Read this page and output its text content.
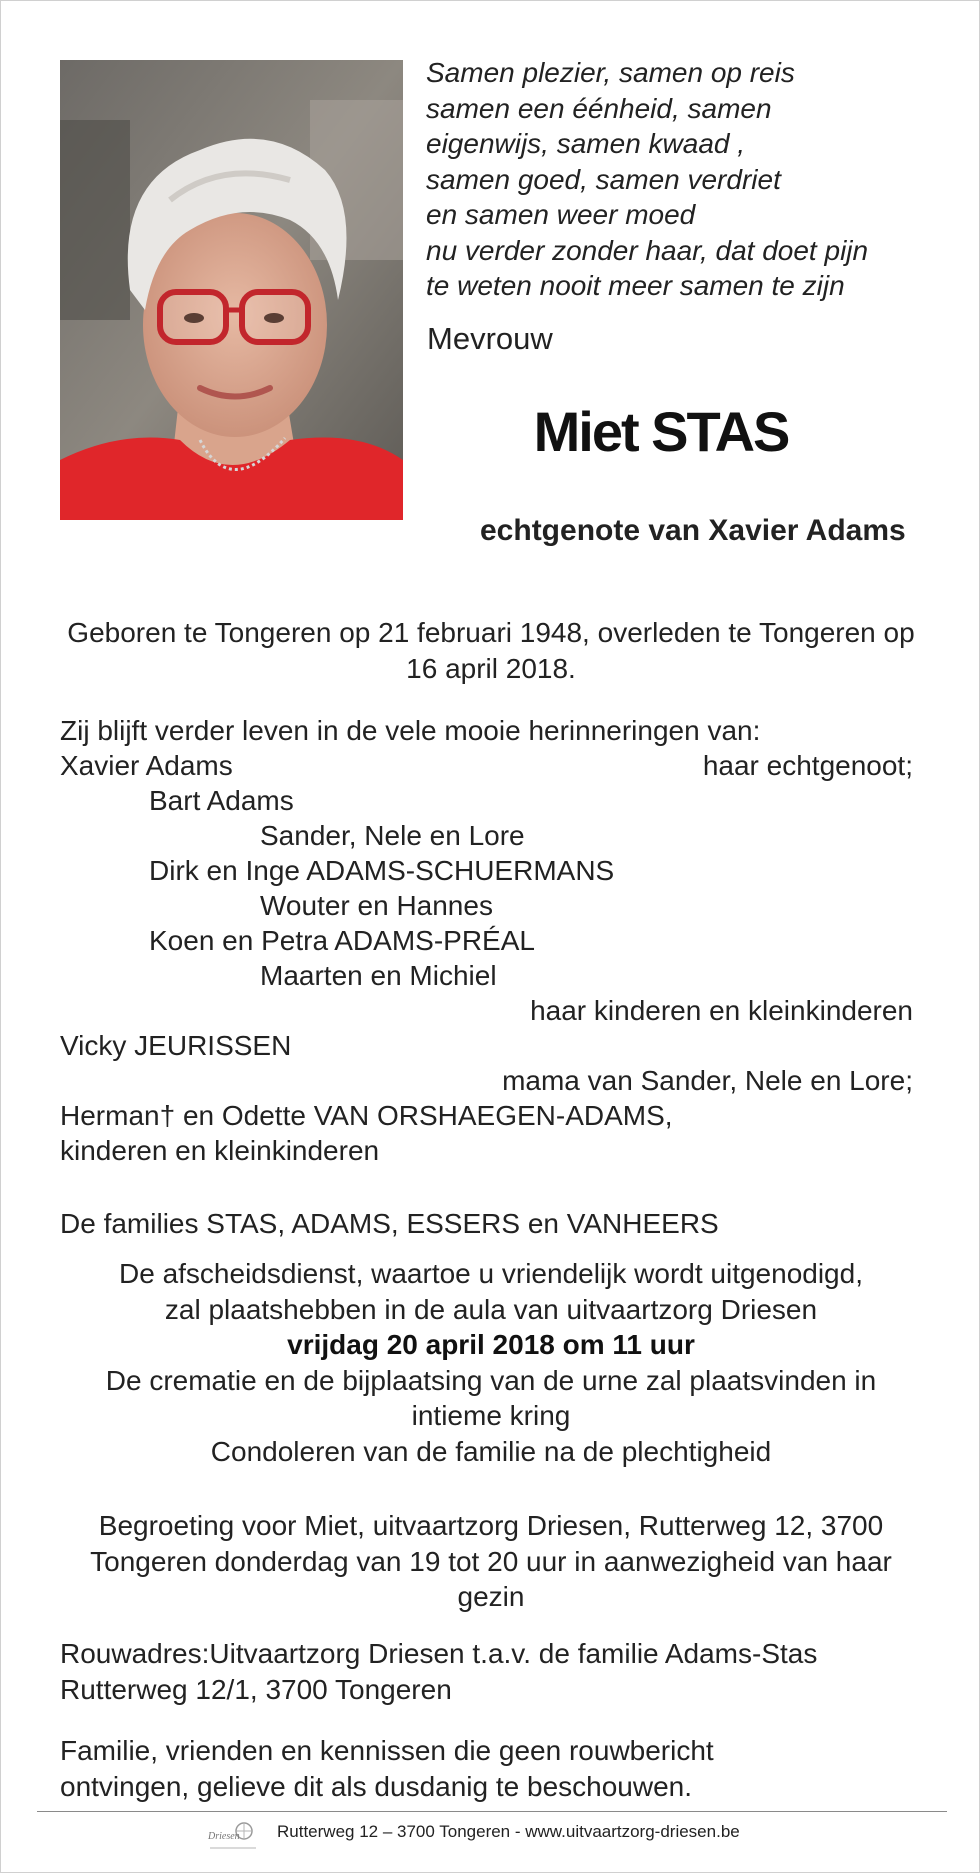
Samen plezier, samen op reis
samen een éénheid, samen
eigenwijs, samen kwaad ,
samen goed, samen verdriet
en samen weer moed
nu verder zonder haar, dat doet pijn
te weten nooit meer samen te zijn
Mevrouw
Miet STAS
echtgenote van Xavier Adams
Geboren te Tongeren op 21 februari 1948, overleden te Tongeren op 16 april 2018.
Zij blijft verder leven in de vele mooie herinneringen van:
Xavier Adams	haar echtgenoot;
Bart Adams
Sander, Nele en Lore
Dirk en Inge ADAMS-SCHUERMANS
Wouter en Hannes
Koen en Petra ADAMS-PRÉAL
Maarten en Michiel
haar kinderen en kleinkinderen
Vicky JEURISSEN
mama van Sander, Nele en Lore;
Herman† en Odette VAN ORSHAEGEN-ADAMS,
kinderen en kleinkinderen
De families STAS, ADAMS, ESSERS en VANHEERS
De afscheidsdienst, waartoe u vriendelijk wordt uitgenodigd,
zal plaatshebben in de aula van uitvaartzorg Driesen
vrijdag 20 april 2018 om 11 uur
De crematie en de bijplaatsing van de urne zal plaatsvinden in intieme kring
Condoleren van de familie na de plechtigheid
Begroeting voor Miet, uitvaartzorg Driesen, Rutterweg 12, 3700 Tongeren donderdag van 19 tot 20 uur in aanwezigheid van haar gezin
Rouwadres:Uitvaartzorg Driesen t.a.v. de familie Adams-Stas
Rutterweg 12/1, 3700 Tongeren
Familie, vrienden en kennissen die geen rouwbericht
ontvingen, gelieve dit als dusdanig te beschouwen.
Driesen Rutterweg 12 – 3700 Tongeren - www.uitvaartzorg-driesen.be
